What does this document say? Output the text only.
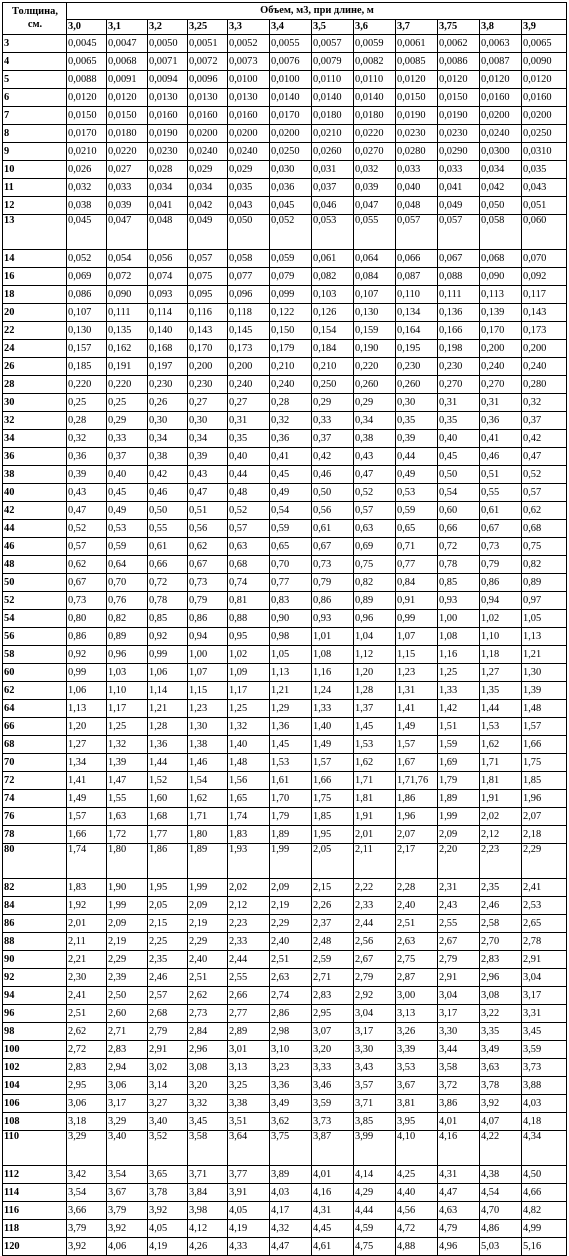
Толщина,
см.	Объем, м3, при длине, м											
	3,0	3,1	3,2	3,25	3,3	3,4	3,5	3,6	3,7	3,75	3,8	3,9
3	0,0045	0,0047	0,0050	0,0051	0,0052	0,0055	0,0057	0,0059	0,0061	0,0062	0,0063	0,0065
4	0,0065	0,0068	0,0071	0,0072	0,0073	0,0076	0,0079	0,0082	0,0085	0,0086	0,0087	0,0090
5	0,0088	0,0091	0,0094	0,0096	0,0100	0,0100	0,0110	0,0110	0,0120	0,0120	0,0120	0,0120
6	0,0120	0,0120	0,0130	0,0130	0,0130	0,0140	0,0140	0,0140	0,0150	0,0150	0,0160	0,0160
7	0,0150	0,0150	0,0160	0,0160	0,0160	0,0170	0,0180	0,0180	0,0190	0,0190	0,0200	0,0200
8	0,0170	0,0180	0,0190	0,0200	0,0200	0,0200	0,0210	0,0220	0,0230	0,0230	0,0240	0,0250
9	0,0210	0,0220	0,0230	0,0240	0,0240	0,0250	0,0260	0,0270	0,0280	0,0290	0,0300	0,0310
10	0,026	0,027	0,028	0,029	0,029	0,030	0,031	0,032	0,033	0,033	0,034	0,035
11	0,032	0,033	0,034	0,034	0,035	0,036	0,037	0,039	0,040	0,041	0,042	0,043
12	0,038	0,039	0,041	0,042	0,043	0,045	0,046	0,047	0,048	0,049	0,050	0,051
13	0,045	0,047	0,048	0,049	0,050	0,052	0,053	0,055	0,057	0,057	0,058	0,060
14	0,052	0,054	0,056	0,057	0,058	0,059	0,061	0,064	0,066	0,067	0,068	0,070
16	0,069	0,072	0,074	0,075	0,077	0,079	0,082	0,084	0,087	0,088	0,090	0,092
18	0,086	0,090	0,093	0,095	0,096	0,099	0,103	0,107	0,110	0,111	0,113	0,117
20	0,107	0,111	0,114	0,116	0,118	0,122	0,126	0,130	0,134	0,136	0,139	0,143
22	0,130	0,135	0,140	0,143	0,145	0,150	0,154	0,159	0,164	0,166	0,170	0,173
24	0,157	0,162	0,168	0,170	0,173	0,179	0,184	0,190	0,195	0,198	0,200	0,200
26	0,185	0,191	0,197	0,200	0,200	0,210	0,210	0,220	0,230	0,230	0,240	0,240
28	0,220	0,220	0,230	0,230	0,240	0,240	0,250	0,260	0,260	0,270	0,270	0,280
30	0,25	0,25	0,26	0,27	0,27	0,28	0,29	0,29	0,30	0,31	0,31	0,32
32	0,28	0,29	0,30	0,30	0,31	0,32	0,33	0,34	0,35	0,35	0,36	0,37
34	0,32	0,33	0,34	0,34	0,35	0,36	0,37	0,38	0,39	0,40	0,41	0,42
36	0,36	0,37	0,38	0,39	0,40	0,41	0,42	0,43	0,44	0,45	0,46	0,47
38	0,39	0,40	0,42	0,43	0,44	0,45	0,46	0,47	0,49	0,50	0,51	0,52
40	0,43	0,45	0,46	0,47	0,48	0,49	0,50	0,52	0,53	0,54	0,55	0,57
42	0,47	0,49	0,50	0,51	0,52	0,54	0,56	0,57	0,59	0,60	0,61	0,62
44	0,52	0,53	0,55	0,56	0,57	0,59	0,61	0,63	0,65	0,66	0,67	0,68
46	0,57	0,59	0,61	0,62	0,63	0,65	0,67	0,69	0,71	0,72	0,73	0,75
48	0,62	0,64	0,66	0,67	0,68	0,70	0,73	0,75	0,77	0,78	0,79	0,82
50	0,67	0,70	0,72	0,73	0,74	0,77	0,79	0,82	0,84	0,85	0,86	0,89
52	0,73	0,76	0,78	0,79	0,81	0,83	0,86	0,89	0,91	0,93	0,94	0,97
54	0,80	0,82	0,85	0,86	0,88	0,90	0,93	0,96	0,99	1,00	1,02	1,05
56	0,86	0,89	0,92	0,94	0,95	0,98	1,01	1,04	1,07	1,08	1,10	1,13
58	0,92	0,96	0,99	1,00	1,02	1,05	1,08	1,12	1,15	1,16	1,18	1,21
60	0,99	1,03	1,06	1,07	1,09	1,13	1,16	1,20	1,23	1,25	1,27	1,30
62	1,06	1,10	1,14	1,15	1,17	1,21	1,24	1,28	1,31	1,33	1,35	1,39
64	1,13	1,17	1,21	1,23	1,25	1,29	1,33	1,37	1,41	1,42	1,44	1,48
66	1,20	1,25	1,28	1,30	1,32	1,36	1,40	1,45	1,49	1,51	1,53	1,57
68	1,27	1,32	1,36	1,38	1,40	1,45	1,49	1,53	1,57	1,59	1,62	1,66
70	1,34	1,39	1,44	1,46	1,48	1,53	1,57	1,62	1,67	1,69	1,71	1,75
72	1,41	1,47	1,52	1,54	1,56	1,61	1,66	1,71	1,71,76	1,79	1,81	1,85
74	1,49	1,55	1,60	1,62	1,65	1,70	1,75	1,81	1,86	1,89	1,91	1,96
76	1,57	1,63	1,68	1,71	1,74	1,79	1,85	1,91	1,96	1,99	2,02	2,07
78	1,66	1,72	1,77	1,80	1,83	1,89	1,95	2,01	2,07	2,09	2,12	2,18
80	1,74	1,80	1,86	1,89	1,93	1,99	2,05	2,11	2,17	2,20	2,23	2,29
82	1,83	1,90	1,95	1,99	2,02	2,09	2,15	2,22	2,28	2,31	2,35	2,41
84	1,92	1,99	2,05	2,09	2,12	2,19	2,26	2,33	2,40	2,43	2,46	2,53
86	2,01	2,09	2,15	2,19	2,23	2,29	2,37	2,44	2,51	2,55	2,58	2,65
88	2,11	2,19	2,25	2,29	2,33	2,40	2,48	2,56	2,63	2,67	2,70	2,78
90	2,21	2,29	2,35	2,40	2,44	2,51	2,59	2,67	2,75	2,79	2,83	2,91
92	2,30	2,39	2,46	2,51	2,55	2,63	2,71	2,79	2,87	2,91	2,96	3,04
94	2,41	2,50	2,57	2,62	2,66	2,74	2,83	2,92	3,00	3,04	3,08	3,17
96	2,51	2,60	2,68	2,73	2,77	2,86	2,95	3,04	3,13	3,17	3,22	3,31
98	2,62	2,71	2,79	2,84	2,89	2,98	3,07	3,17	3,26	3,30	3,35	3,45
100	2,72	2,83	2,91	2,96	3,01	3,10	3,20	3,30	3,39	3,44	3,49	3,59
102	2,83	2,94	3,02	3,08	3,13	3,23	3,33	3,43	3,53	3,58	3,63	3,73
104	2,95	3,06	3,14	3,20	3,25	3,36	3,46	3,57	3,67	3,72	3,78	3,88
106	3,06	3,17	3,27	3,32	3,38	3,49	3,59	3,71	3,81	3,86	3,92	4,03
108	3,18	3,29	3,40	3,45	3,51	3,62	3,73	3,85	3,95	4,01	4,07	4,18
110	3,29	3,40	3,52	3,58	3,64	3,75	3,87	3,99	4,10	4,16	4,22	4,34
112	3,42	3,54	3,65	3,71	3,77	3,89	4,01	4,14	4,25	4,31	4,38	4,50
114	3,54	3,67	3,78	3,84	3,91	4,03	4,16	4,29	4,40	4,47	4,54	4,66
116	3,66	3,79	3,92	3,98	4,05	4,17	4,31	4,44	4,56	4,63	4,70	4,82
118	3,79	3,92	4,05	4,12	4,19	4,32	4,45	4,59	4,72	4,79	4,86	4,99
120	3,92	4,06	4,19	4,26	4,33	4,47	4,61	4,75	4,88	4,96	5,03	5,16
